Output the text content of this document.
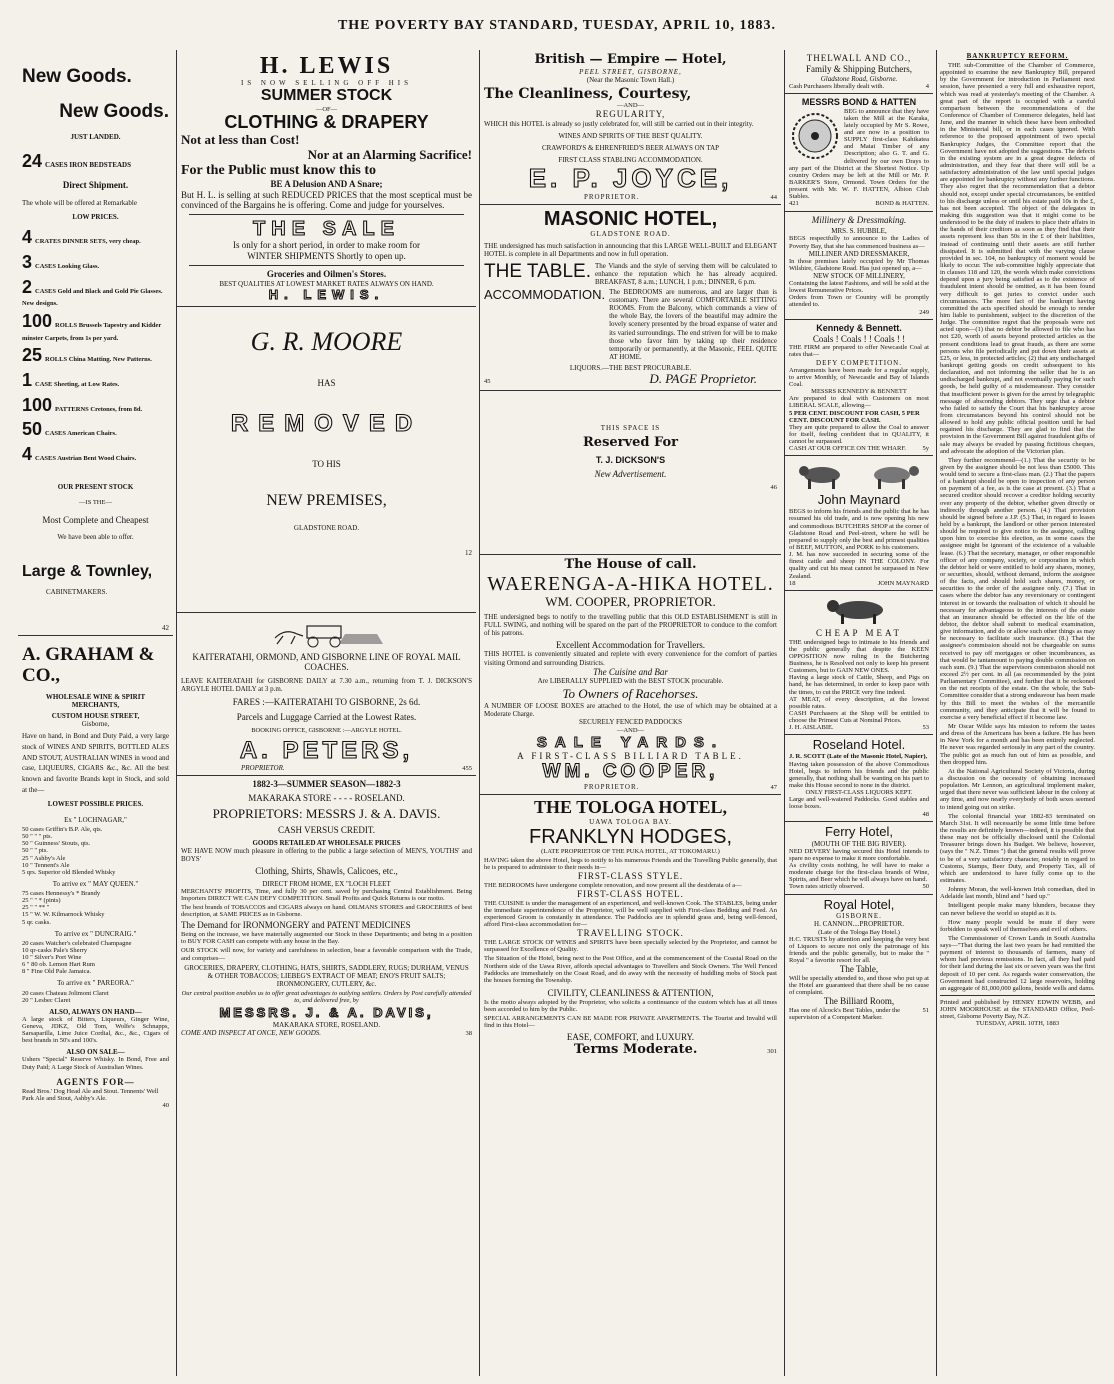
THE POVERTY BAY STANDARD, TUESDAY, APRIL 10, 1883.
New Goods.
New Goods.
JUST LANDED.
24 CASES IRON BEDSTEADS
Direct Shipment.
The whole will be offered at Remarkable
LOW PRICES.
4 CRATES DINNER SETS, very cheap.
3 CASES Looking Glass.
2 CASES Gold and Black and Gold Pie Glasses. New designs.
100 ROLLS Brussels Tapestry and Kidder minster Carpets, from 1s per yard.
25 ROLLS China Matting. New Patterns.
1 CASE Sheeting, at Low Rates.
100 PATTERNS Cretones, from 8d.
50 CASES American Chairs.
4 CASES Austrian Bent Wood Chairs.
OUR PRESENT STOCK
—IS THE—
Most Complete and Cheapest
We have been able to offer.
Large & Townley,
CABINETMAKERS.
42
A. GRAHAM & CO.,
WHOLESALE WINE & SPIRIT MERCHANTS,
CUSTOM HOUSE STREET,
Gisborne,
Have on hand, in Bond and Duty Paid, a very large stock of WINES AND SPIRITS, BOTTLED ALES AND STOUT, AUSTRALIAN WINES in wood and case, LIQUEURS, CIGARS &c., &c. All the best known and favorite Brands kept in Stock, and sold at the—
LOWEST POSSIBLE PRICES.
Ex " LOCHNAGAR,"
50 cases Griffin's B.P. Ale, qts.
50 " " " pts.
50 " Guinness' Stouts, qts.
50 " " pts.
25 " Ashby's Ale
10 " Tennent's Ale
5 qrs. Superior old Blended Whisky
To arrive ex " MAY QUEEN."
75 cases Hennessy's * Brandy
25 " " * (pints)
25 " " ** "
15 " W. W. Kilmarnock Whisky
5 qr. casks.
To arrive ex " DUNCRAIG."
20 cases Watcher's celebrated Champagne
10 qr-casks Pale's Sherry
10 " Silver's Port Wine
6 " 80 ob. Lemon Hart Rum
8 " Fine Old Pale Jamaica.
To arrive ex " PAREORA."
20 cases Chateau Jolimont Claret
20 " Lesbec Claret
ALSO, ALWAYS ON HAND—
A large stock of Bitters, Liqueurs, Ginger Wine, Geneva, JDKZ, Old Tom, Wolfe's Schnapps, Sarsaparilla, Lime Juice Cordial, &c., &c., Cigars of best brands in 50's and 100's.
ALSO ON SALE—
Ushers "Special" Reserve Whisky. In Bond, Free and Duty Paid; A Large Stock of Australian Wines.
AGENTS FOR—
Read Bros.' Dog Head Ale and Stout. Tennents' Well Park Ale and Stout, Ashby's Ale.
40
H. LEWIS
IS NOW SELLING OFF HIS
SUMMER STOCK
—OF—
CLOTHING & DRAPERY
Not at less than Cost!
Nor at an Alarming Sacrifice!
For the Public must know this to
BE A Delusion AND A Snare;
But H. L. is selling at such REDUCED PRICES that the most sceptical must be convinced of the Bargains he is offering. Come and judge for yourselves.
THE SALE
Is only for a short period, in order to make room for
WINTER SHIPMENTS Shortly to open up.
Groceries and Oilmen's Stores.
BEST QUALITIES AT LOWEST MARKET RATES ALWAYS ON HAND.
H. LEWIS.
G. R. MOORE
HAS
REMOVED
TO HIS
NEW PREMISES,
GLADSTONE ROAD.
12
KAITERATAHI, ORMOND, AND GISBORNE LINE OF ROYAL MAIL COACHES.
LEAVE KAITERATAHI for GISBORNE DAILY at 7.30 a.m., returning from T. J. DICKSON'S ARGYLE HOTEL DAILY at 3 p.m.
FARES :—KAITERATAHI TO GISBORNE, 2s 6d.
Parcels and Luggage Carried at the Lowest Rates.
BOOKING OFFICE, GISBORNE :—ARGYLE HOTEL.
A. PETERS,
PROPRIETOR.	455
1882-3—SUMMER SEASON—1882-3
MAKARAKA STORE - - - - ROSELAND.
PROPRIETORS: MESSRS J. & A. DAVIS.
CASH VERSUS CREDIT.
GOODS RETAILED AT WHOLESALE PRICES
WE HAVE NOW much pleasure in offering to the public a large selection of MEN'S, YOUTHS' and BOYS'
Clothing, Shirts, Shawls, Calicoes, etc.,
DIRECT FROM HOME, EX "LOCH FLEET
MERCHANTS' PROFITS, Time, and fully 30 per cent. saved by purchasing Central Establishment. Being Importers DIRECT WE CAN DEFY COMPETITION. Small Profits and Quick Returns is our motto.
The best brands of TOBACCOS and CIGARS always on hand. OILMANS STORES and GROCERIES of best description, at SAME PRICES as in Gisborne.
The Demand for IRONMONGERY and PATENT MEDICINES
Being on the increase, we have materially augmented our Stock in these Departments; and being in a position to BUY FOR CASH can compete with any house in the Bay.
OUR STOCK will now, for variety and carefulness in selection, bear a favorable comparison with the Trade, and comprises—
GROCERIES, DRAPERY, CLOTHING, HATS, SHIRTS, SADDLERY, RUGS; DURHAM, VENUS & OTHER TOBACCOS; LIEBEG'S EXTRACT OF MEAT; ENO'S FRUIT SALTS; IRONMONGERY, CUTLERY, &c.
Our central position enables us to offer great advantages to outlying settlers. Orders by Post carefully attended to, and delivered free, by
MESSRS. J. & A. DAVIS,
MAKARAKA STORE, ROSELAND.
COME AND INSPECT AT ONCE, NEW GOODS.	38
British — Empire — Hotel,
PEEL STREET, GISBORNE,
(Near the Masonic Town Hall.)
The Cleanliness, Courtesy,
—AND—
REGULARITY,
WHICH this HOTEL is already so justly celebrated for, will still be carried out in their integrity.
WINES AND SPIRITS OF THE BEST QUALITY.
CRAWFORD'S & EHRENFRIED'S BEER ALWAYS ON TAP
FIRST CLASS STABLING ACCOMMODATION.
E. P. JOYCE,
PROPRIETOR.	44
MASONIC HOTEL,
GLADSTONE ROAD.
THE undersigned has much satisfaction in announcing that this LARGE WELL-BUILT and ELEGANT HOTEL is complete in all Departments and now in full operation.
THE TABLE. The Viands and the style of serving them will be calculated to enhance the reputation which he has already acquired. BREAKFAST, 8 a.m.; LUNCH, 1 p.m.; DINNER, 6 p.m.
ACCOMMODATION. The BEDROOMS are numerous, and are larger than is customary. There are several COMFORTABLE SITTING ROOMS. From the Balcony, which commands a view of the whole Bay, the lovers of the beautiful may admire the lovely scenery presented by the broad expanse of water and its varied surroundings. The end striven for will be to make those who favor him by taking up their residence temporarily or permanently, at the Masonic, FEEL QUITE AT HOME.
LIQUORS.—THE BEST PROCURABLE.
45	D. PAGE Proprietor.
THIS SPACE IS
Reserved For
T. J. DICKSON'S
New Advertisement.
46
The House of call.
WAERENGA-A-HIKA HOTEL.
WM. COOPER, PROPRIETOR.
THE undersigned begs to notify to the travelling public that this OLD ESTABLISHMENT is still in FULL SWING, and nothing will be spared on the part of the PROPRIETOR to conduce to the comfort of his patrons.
Excellent Accommodation for Travellers.
THIS HOTEL is conveniently situated and replete with every convenience for the comfort of parties visiting Ormond and surrounding Districts.
The Cuisine and Bar
Are LIBERALLY SUPPLIED with the BEST STOCK procurable.
To Owners of Racehorses.
A NUMBER OF LOOSE BOXES are attached to the Hotel, the use of which may be obtained at a Moderate Charge.
SECURELY FENCED PADDOCKS
—AND—
SALE YARDS.
A FIRST-CLASS BILLIARD TABLE.
WM. COOPER,
PROPRIETOR.	47
THE TOLOGA HOTEL,
UAWA TOLOGA BAY.
FRANKLYN HODGES,
(LATE PROPRIETOR OF THE PUKA HOTEL, AT TOKOMARU.)
HAVING taken the above Hotel, begs to notify to his numerous Friends and the Travelling Public generally, that he is prepared to administer to their needs in—
FIRST-CLASS STYLE.
THE BEDROOMS have undergone complete renovation, and now present all the desiderata of a—
FIRST-CLASS HOTEL.
THE CUISINE is under the management of an experienced, and well-known Cook. The STABLES, being under the immediate superintendence of the Proprietor, will be well supplied with First-class Bedding and Feed. An experienced Groom is constantly in attendance. The Paddocks are in splendid grass and, being well-fenced, afford First-class accommodation for—
TRAVELLING STOCK.
THE LARGE STOCK OF WINES and SPIRITS have been specially selected by the Proprietor, and cannot be surpassed for Excellence of Quality.
The Situation of the Hotel, being next to the Post Office, and at the commencement of the Coastal Road on the Northern side of the Uawa River, affords special advantages to Travellers and Stock Owners. The Well Fenced Paddocks are immediately on the Coast Road, and do away with the necessity of huddling mobs of Stock past the houses forming the Township.
CIVILITY, CLEANLINESS & ATTENTION,
Is the motto always adopted by the Proprietor, who solicits a continuance of the custom which has at all times been accorded to him by the Public.
SPECIAL ARRANGEMENTS CAN BE MADE FOR PRIVATE APARTMENTS. The Tourist and Invalid will find in this Hotel—
EASE, COMFORT, and LUXURY.
Terms Moderate.	301
THELWALL AND CO.,
Family & Shipping Butchers,
Gladstone Road, Gisborne.
Cash Purchasers liberally dealt with.	4
MESSRS BOND & HATTEN
BEG to announce that they have taken the Mill at the Karaka, lately occupied by Mr S. Rowe, and are now in a position to SUPPLY first-class Kahikatea and Matai Timber of any Description; also G. T. and G. delivered by our own Drays to any part of the District at the Shortest Notice. Up country Orders may be left at the Mill or Mr. P. BARKER'S Store, Ormond. Town Orders for the present with Mr. W. F. HATTEN, Albion Club Stables.
421	BOND & HATTEN.
Millinery & Dressmaking.
MRS. S. HUBBLE,
BEGS respectfully to announce to the Ladies of Poverty Bay, that she has commenced business as—
MILLINER AND DRESSMAKER,
In those premises lately occupied by Mr Thomas Wilshire, Gladstone Road. Has just opened up, a—
NEW STOCK OF MILLINERY,
Containing the latest Fashions, and will be sold at the lowest Remunerative Prices.
Orders from Town or Country will be promptly attended to.
249
Kennedy & Bennett.
Coals ! Coals ! ! Coals ! !
THE FIRM are prepared to offer Newcastle Coal at rates that—
DEFY COMPETITION.
Arrangements have been made for a regular supply, to arrive Monthly, of Newcastle and Bay of Islands Coal.
MESSRS KENNEDY & BENNETT
Are prepared to deal with Customers on most LIBERAL SCALE, allowing—
5 PER CENT. DISCOUNT FOR CASH, 5 PER CENT. DISCOUNT FOR CASH.
They are quite prepared to allow the Coal to answer for itself, feeling confident that in QUALITY, it cannot be surpassed.
CASH AT OUR OFFICE ON THE WHARF.	5y
John Maynard
BEGS to inform his friends and the public that he has resumed his old trade, and is now opening his new and commodious BUTCHERS SHOP at the corner of Gladstone Road and Peel-street, where he will be prepared to supply only the best and primest qualities of BEEF, MUTTON, and PORK to his customers.
J. M. has now succeeded in securing some of the finest cattle and sheep IN THE COLONY. For quality and cut his meat cannot be surpassed in New Zealand.
18	JOHN MAYNARD
CHEAP MEAT
THE undersigned begs to intimate to his friends and the public generally that despite the KEEN OPPOSITION now ruling in the Butchering Business, he is Resolved not only to keep his present Customers, but to GAIN NEW ONES.
Having a large stock of Cattle, Sheep, and Pigs on hand, he has determined, in order to keep pace with the times, to cut the PRICE very fine indeed.
AT MEAT, of every description, at the lowest possible rates.
CASH Purchasers at the Shop will be entitled to choose the Primest Cuts at Nominal Prices.
J. H. AISLABIE.	53
Roseland Hotel.
J. R. SCOTT (Late of the Masonic Hotel, Napier),
Having taken possession of the above Commodious Hotel, begs to inform his friends and the public generally, that nothing shall be wanting on his part to make this House second to none in the district.
ONLY FIRST-CLASS LIQUORS KEPT.
Large and well-watered Paddocks. Good stables and loose boxes.
48
Ferry Hotel,
(MOUTH OF THE BIG RIVER).
NED DEVERY having secured this Hotel intends to spare no expense to make it more comfortable.
As civility costs nothing, he will have to make a moderate charge for the first-class brands of Wine, Spirits, and Beer which he will always have on hand.
Town rates strictly observed.	50
Royal Hotel,
GISBORNE.
H. CANNON....PROPRIETOR.
(Late of the Tologa Bay Hotel.)
H.C. TRUSTS by attention and keeping the very best of Liquors to secure not only the patronage of his friends and the public generally, but to make the " Royal " a favorite resort for all.
The Table,
Will be specially attended to, and those who put up at the Hotel are guaranteed that there shall be no cause of complaint.
The Billiard Room,
Has one of Alcock's Best Tables, under the supervision of a Competent Marker.
51
BANKRUPTCY REFORM.
THE sub-Committee of the Chamber of Commerce, appointed to examine the new Bankruptcy Bill, prepared by the Government for introduction in Parliament next session, have presented a very full and exhaustive report, which was read at yesterday's meeting of the Chamber. A great part of the report is occupied with a careful comparison between the recommendations of the Conference of Chamber of Commerce delegates, held last June, and the manner in which these have been embodied in the Ministerial bill, or in each cases ignored. With reference to the proposed appointment of two special Bankruptcy Judges, the Committee report that the Government have not adopted the suggestions. The defects in the existing system are in a great degree defects of administration, and they fear that there will still be a satisfactory administration of the law until special judges are appointed for bankruptcy without any further functions. They also regret that the recommendation that a debtor should not, except under special circumstances, be entitled to his discharge unless or until his estate paid 10s in the £, has not been accepted. The object of the delegates in making this suggestion was that it might come to be understood to be the duty of traders to place their affairs in the hands of their creditors as soon as they find that their assets represent less than 50s in the £ of their liabilities, instead of continuing until their assets are still further dissipated. It is submitted that with the varying clause provided in sec. 104, no bankruptcy of moment would be likely to occur. The sub-committee highly appreciate that in clauses 118 and 120, the words which make convictions depend upon a jury being satisfied as to the existence of fraudulent intent should be omitted, as it has been found very difficult to get juries to convict under such circumstances. The more fact of the bankrupt having committed the acts specified should be enough to render him liable to punishment, subject to the discretion of the Judge. The committee regret that the proposals were not acted upon—(1) that no debtor be allowed to file who has not £20, worth of assets beyond protected articles as the present conditions lead to great frauds, as there are some persons who file periodically and put down their assets at £25, or less, in protected articles; (2) that any undischarged bankrupt getting goods on credit subsequent to his declaration, and not informing the seller that he is an undischarged bankrupt, and not eventually paying for such goods, be held guilty of a misdemeanour. They consider that insufficient power is given for the arrest by telegraphic message of absconding debtors. They urge that a debtor who failed to satisfy the Court that his bankruptcy arose from circumstances beyond his control should not be allowed to hold any public official position until he had regained his discharge. They are glad to find that the provision in the Government Bill against fraudulent gifts of sale may always be evaded by passing fictitious cheques, and advocate the adoption of the Victorian plan.
They further recommend—(1.) That the security to be given by the assignee should be not less than £5000. This would tend to secure a first-class man. (2.) That the papers of a bankrupt should be open to inspection of any person on payment of a fee, as is the case at present. (3.) That a secured creditor should recover a creditor holding security over any property of the debtor, whether given directly or indirectly through another person. (4.) That provision should be signed before a J.P. (5.) That, in regard to leases held by a bankrupt, the landlord or other person interested should be required to give notice to the assignee, calling upon him to exercise his election, as in some cases the assignee might be ignorant of the existence of a valuable lease. (6.) That the secretary, manager, or other responsible officer of any company, society, or corporation in which the debtor held or were entitled to hold any shares, money, or securities, should, without demand, inform the assignee of the facts, and should hold such shares, money, or securities to the order of the assignee only. (7.) That in cases where the debtor has any reversionary or contingent interest in or towards the realisation of which it should be necessary for advantageous to the interests of the estate that an insurance should be effected on the life of the debtor, the debtor shall submit to medical examination, give information, and do or allow such other things as may be necessary to facilitate such insurance. (8.) That the assignee's commission should not be chargeable on sums received to pay off mortgages or other incumbrances, as that would be tantamount to paying double commission on each sum. (9.) That the supervisors commission should not exceed 2½ per cent. in all (as recommended by the joint Parliamentary Committee), and further that it be reckoned on the net receipts of the estate. On the whole, the Sub-Committee consider that a strong endeavour has been made by this Bill to meet the wishes of the mercantile community, and they anticipate that it will be found to exercise a very beneficial effect if it become law.
Mr Oscar Wilde says his mission to reform the tastes and dress of the Americans has been a failure. He has been in New York for a month and has been entirely neglected. He never was regarded seriously in any part of the country. The public got as much fun out of him as possible, and then dropped him.
At the National Agricultural Society of Victoria, during a discussion on the necessity of obtaining increased population. Mr Lennon, an agricultural implement maker, urged that there never was sufficient labour in the colony at any time, and now nearly everybody of both sexes seemed to intend going out on strike.
The colonial financial year 1882-83 terminated on March 31st. It will necessarily be some little time before the results are definitely known—indeed, it is possible that these may not be officially disclosed until the Colonial Treasurer brings down his Budget. We believe, however, (says the " N.Z. Times ") that the general results will prove to be of a very satisfactory character, notably in regard to Customs, Stamps, Beer Duty, and Property Tax, all of which are understood to have fully come up to the estimates.
Johnny Moran, the well-known Irish comedian, died in Adelaide last month, blind and " hard up."
Intelligent people make many blunders, because they can never believe the world so stupid as it is.
How many people would be mute if they were forbidden to speak well of themselves and evil of others.
The Commissioner of Crown Lands in South Australia says—"That during the last two years he had remitted the payment of interest to thousands of farmers, many of whom had previous remissions. In fact, all they had paid for their land during the last six or seven years was the first deposit of 10 per cent. As regards water conservation, the Government had constructed 12 large reservoirs, holding an aggregate of 81,000,000 gallons, beside wells and dams.
Printed and published by HENRY EDWIN WEBB, and JOHN MOORHOUSE at the STANDARD Office, Peel-street, Gisborne Poverty Bay, N.Z.
TUESDAY, APRIL 10TH, 1883
